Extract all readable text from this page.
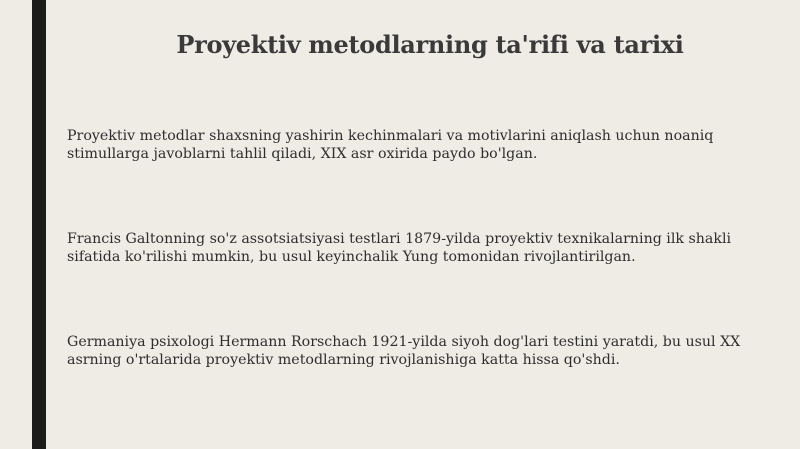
Proyektiv metodlarning ta'rifi va tarixi

Proyektiv metodlar shaxsning yashirin kechinmalari va motivlarini aniqlash uchun noaniq stimullarga javoblarni tahlil qiladi, XIX asr oxirida paydo bo'lgan.

Francis Galtonning so'z assotsiatsiyasi testlari 1879-yilda proyektiv texnikalarning ilk shakli sifatida ko'rilishi mumkin, bu usul keyinchalik Yung tomonidan rivojlantirilgan.

Germaniya psixologi Hermann Rorschach 1921-yilda siyoh dog'lari testini yaratdi, bu usul XX asrning o'rtalarida proyektiv metodlarning rivojlanishiga katta hissa qo'shdi.
